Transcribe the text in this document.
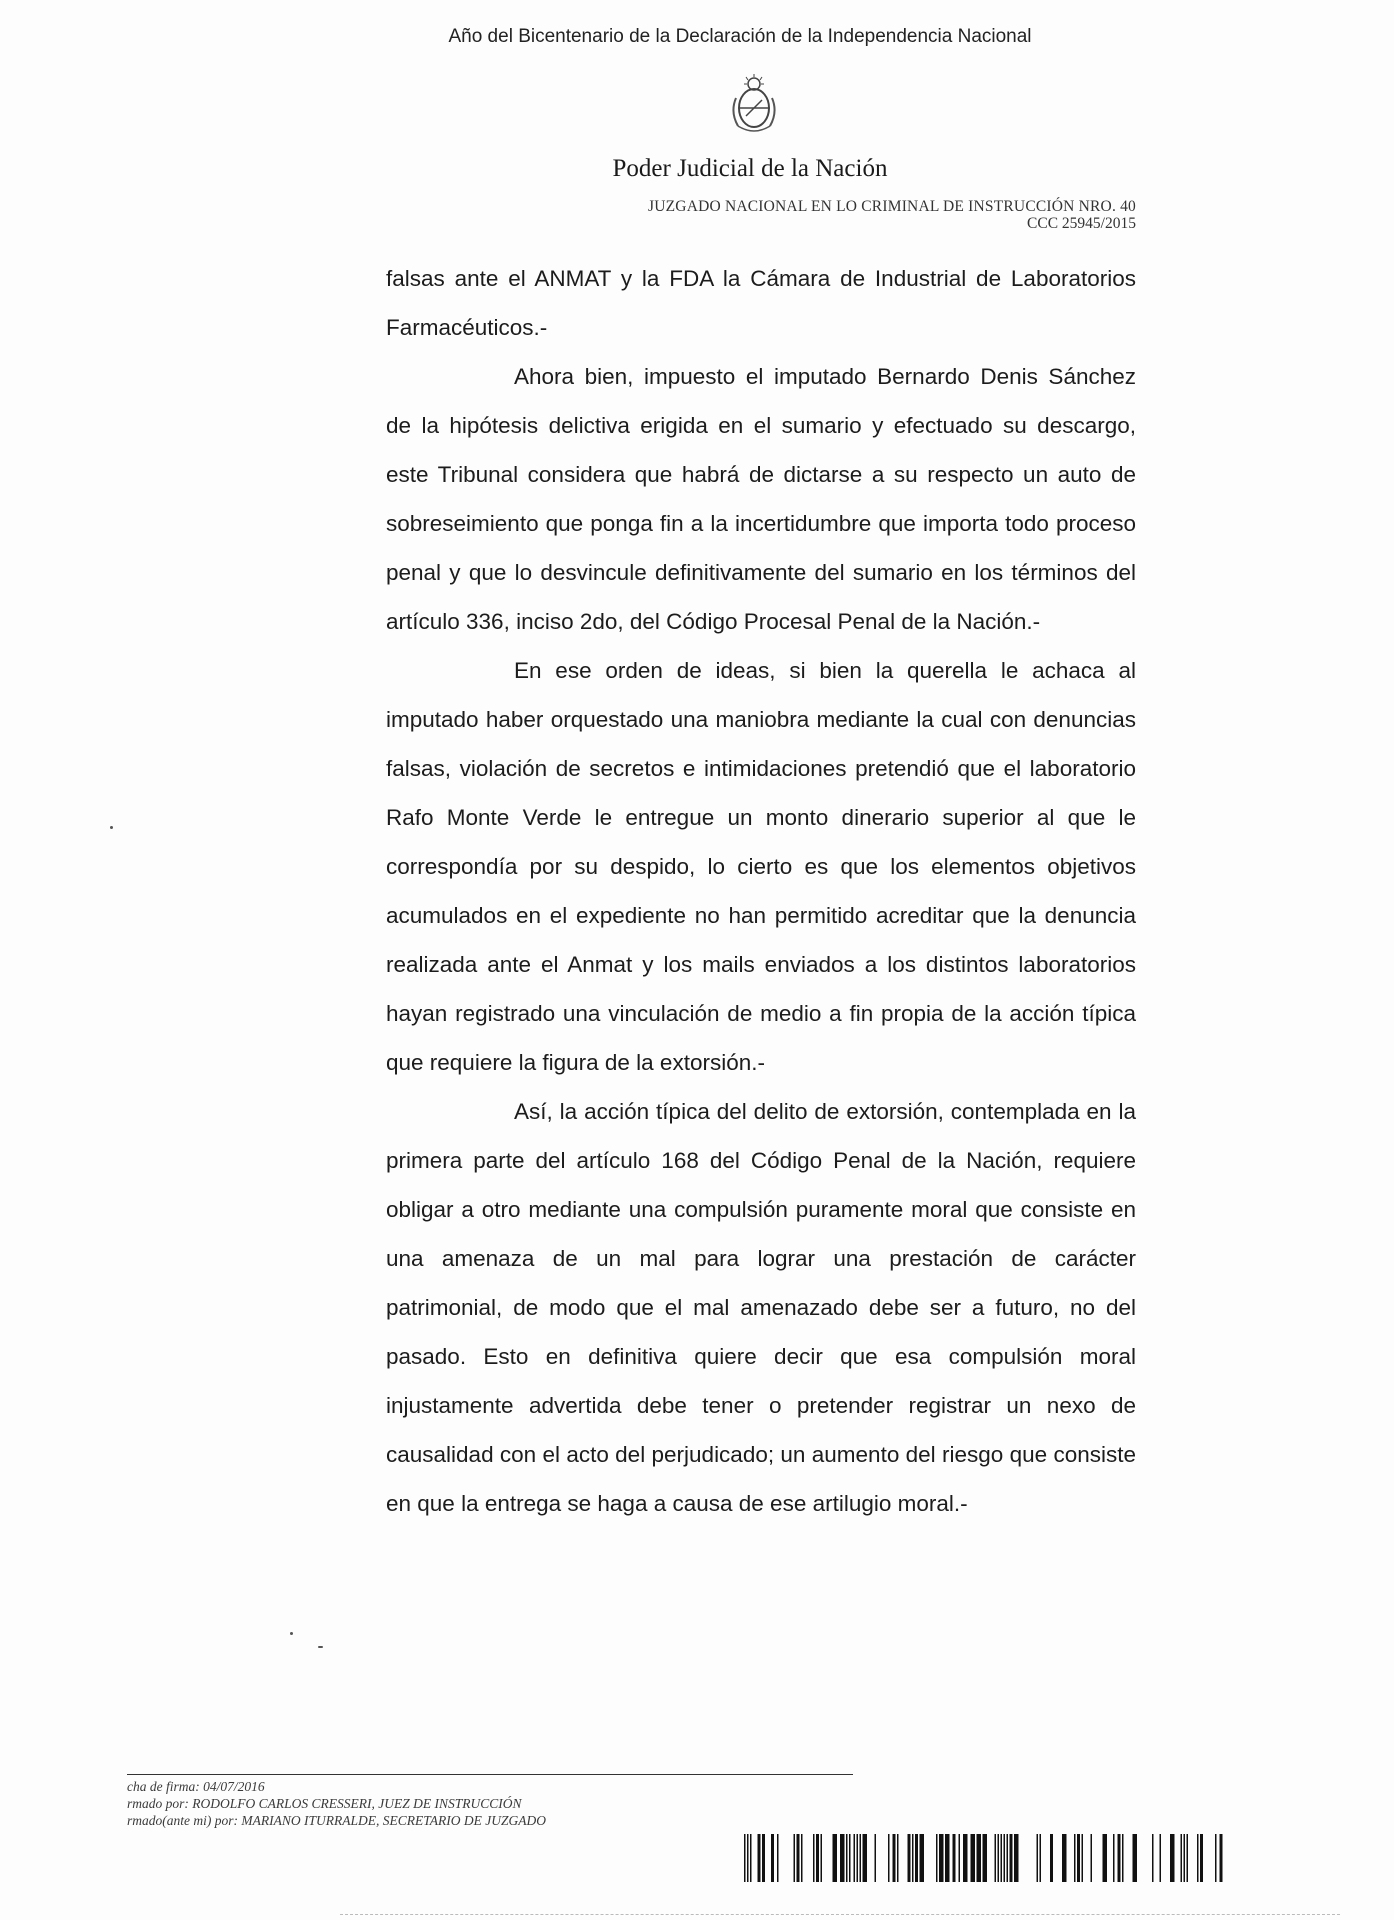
Año del Bicentenario de la Declaración de la Independencia Nacional
Poder Judicial de la Nación
JUZGADO NACIONAL EN LO CRIMINAL DE INSTRUCCIÓN NRO. 40
CCC 25945/2015

falsas ante el ANMAT y la FDA la Cámara de Industrial de Laboratorios Farmacéuticos.-

Ahora bien, impuesto el imputado Bernardo Denis Sánchez de la hipótesis delictiva erigida en el sumario y efectuado su descargo, este Tribunal considera que habrá de dictarse a su respecto un auto de sobreseimiento que ponga fin a la incertidumbre que importa todo proceso penal y que lo desvincule definitivamente del sumario en los términos del artículo 336, inciso 2do, del Código Procesal Penal de la Nación.-

En ese orden de ideas, si bien la querella le achaca al imputado haber orquestado una maniobra mediante la cual con denuncias falsas, violación de secretos e intimidaciones pretendió que el laboratorio Rafo Monte Verde le entregue un monto dinerario superior al que le correspondía por su despido, lo cierto es que los elementos objetivos acumulados en el expediente no han permitido acreditar que la denuncia realizada ante el Anmat y los mails enviados a los distintos laboratorios hayan registrado una vinculación de medio a fin propia de la acción típica que requiere la figura de la extorsión.-

Así, la acción típica del delito de extorsión, contemplada en la primera parte del artículo 168 del Código Penal de la Nación, requiere obligar a otro mediante una compulsión puramente moral que consiste en una amenaza de un mal para lograr una prestación de carácter patrimonial, de modo que el mal amenazado debe ser a futuro, no del pasado. Esto en definitiva quiere decir que esa compulsión moral injustamente advertida debe tener o pretender registrar un nexo de causalidad con el acto del perjudicado; un aumento del riesgo que consiste en que la entrega se haga a causa de ese artilugio moral.-

cha de firma: 04/07/2016
rmado por: RODOLFO CARLOS CRESSERI, JUEZ DE INSTRUCCIÓN
rmado(ante mi) por: MARIANO ITURRALDE, SECRETARIO DE JUZGADO
